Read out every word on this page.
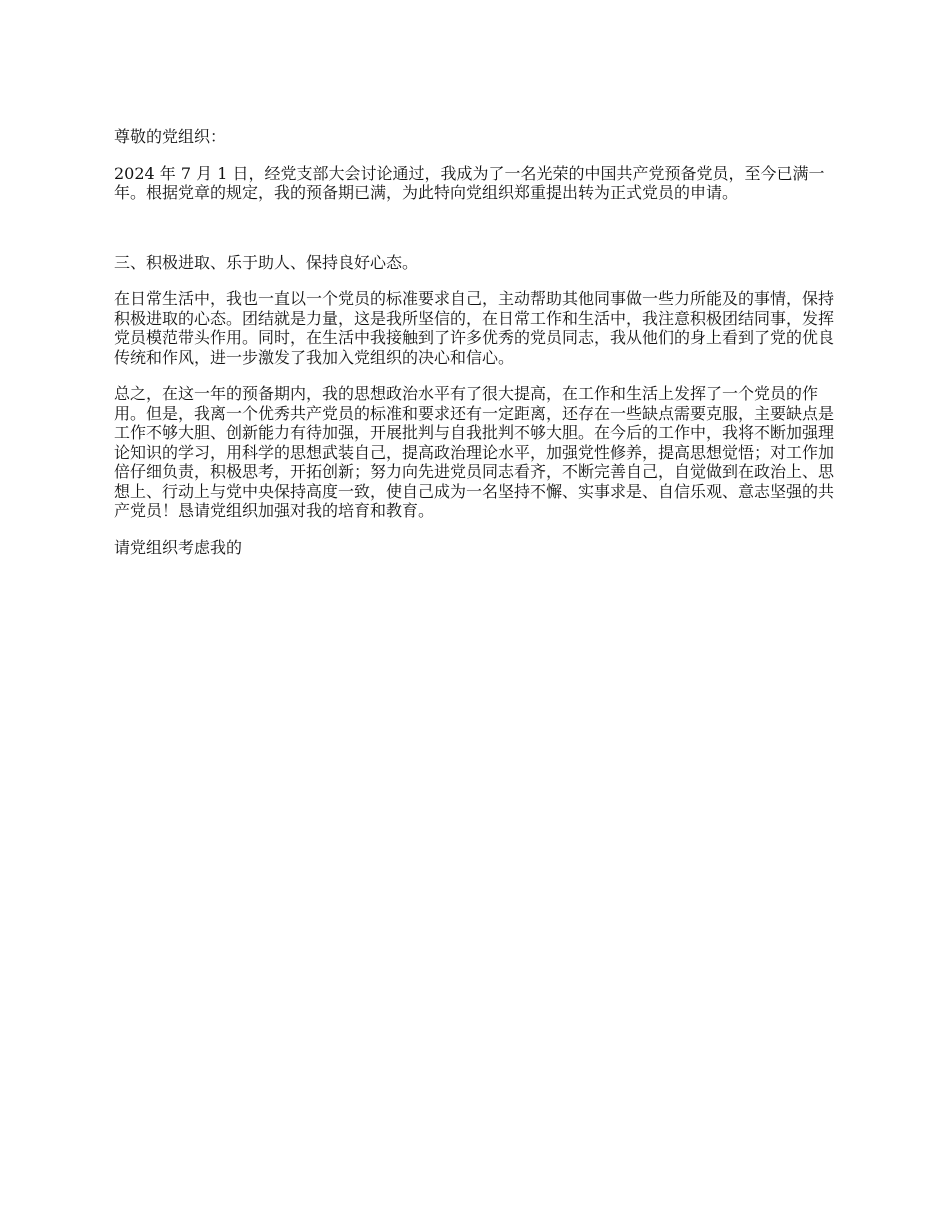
尊敬的党组织：

2024 年 7 月 1 日，经党支部大会讨论通过，我成为了一名光荣的中国共产党预备党员，至今已满一年。根据党章的规定，我的预备期已满，为此特向党组织郑重提出转为正式党员的申请。

三、积极进取、乐于助人、保持良好心态。

在日常生活中，我也一直以一个党员的标准要求自己，主动帮助其他同事做一些力所能及的事情，保持积极进取的心态。团结就是力量，这是我所坚信的，在日常工作和生活中，我注意积极团结同事，发挥党员模范带头作用。同时，在生活中我接触到了许多优秀的党员同志，我从他们的身上看到了党的优良传统和作风，进一步激发了我加入党组织的决心和信心。

总之，在这一年的预备期内，我的思想政治水平有了很大提高，在工作和生活上发挥了一个党员的作用。但是，我离一个优秀共产党员的标准和要求还有一定距离，还存在一些缺点需要克服，主要缺点是工作不够大胆、创新能力有待加强，开展批判与自我批判不够大胆。在今后的工作中，我将不断加强理论知识的学习，用科学的思想武装自己，提高政治理论水平，加强党性修养，提高思想觉悟；对工作加倍仔细负责，积极思考，开拓创新；努力向先进党员同志看齐，不断完善自己，自觉做到在政治上、思想上、行动上与党中央保持高度一致，使自己成为一名坚持不懈、实事求是、自信乐观、意志坚强的共产党员！恳请党组织加强对我的培育和教育。

请党组织考虑我的
